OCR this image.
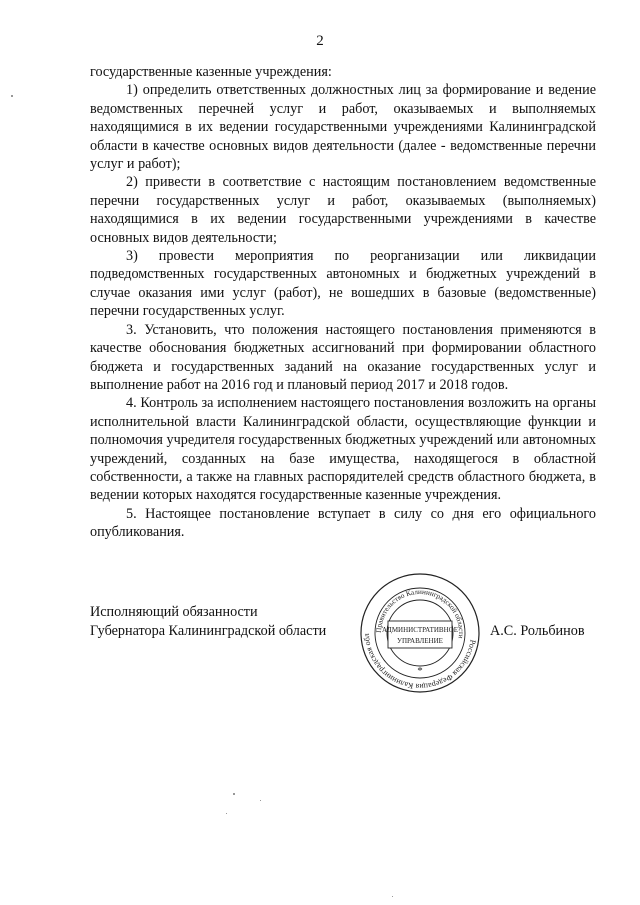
2

государственные казенные учреждения:

1) определить ответственных должностных лиц за формирование и ведение ведомственных перечней услуг и работ, оказываемых и выполняемых находящимися в их ведении государственными учреждениями Калининградской области в качестве основных видов деятельности (далее - ведомственные перечни услуг и работ);

2) привести в соответствие с настоящим постановлением ведомственные перечни государственных услуг и работ, оказываемых (выполняемых) находящимися в их ведении государственными учреждениями в качестве основных видов деятельности;

3) провести мероприятия по реорганизации или ликвидации подведомственных государственных автономных и бюджетных учреждений в случае оказания ими услуг (работ), не вошедших в базовые (ведомственные) перечни государственных услуг.

3. Установить, что положения настоящего постановления применяются в качестве обоснования бюджетных ассигнований при формировании областного бюджета и государственных заданий на оказание государственных услуг и выполнение работ на 2016 год и плановый период 2017 и 2018 годов.

4. Контроль за исполнением настоящего постановления возложить на органы исполнительной власти Калининградской области, осуществляющие функции и полномочия учредителя государственных бюджетных учреждений или автономных учреждений, созданных на базе имущества, находящегося в областной собственности, а также на главных распорядителей средств областного бюджета, в ведении которых находятся государственные казенные учреждения.

5. Настоящее постановление вступает в силу со дня его официального опубликования.

Исполняющий обязанности
Губернатора Калининградской области
Российская Федерация Калининградская обл
Правительство Калининградской области
АДМИНИСТРАТИВНОЕ
УПРАВЛЕНИЕ
*
А.С. Рольбинов
